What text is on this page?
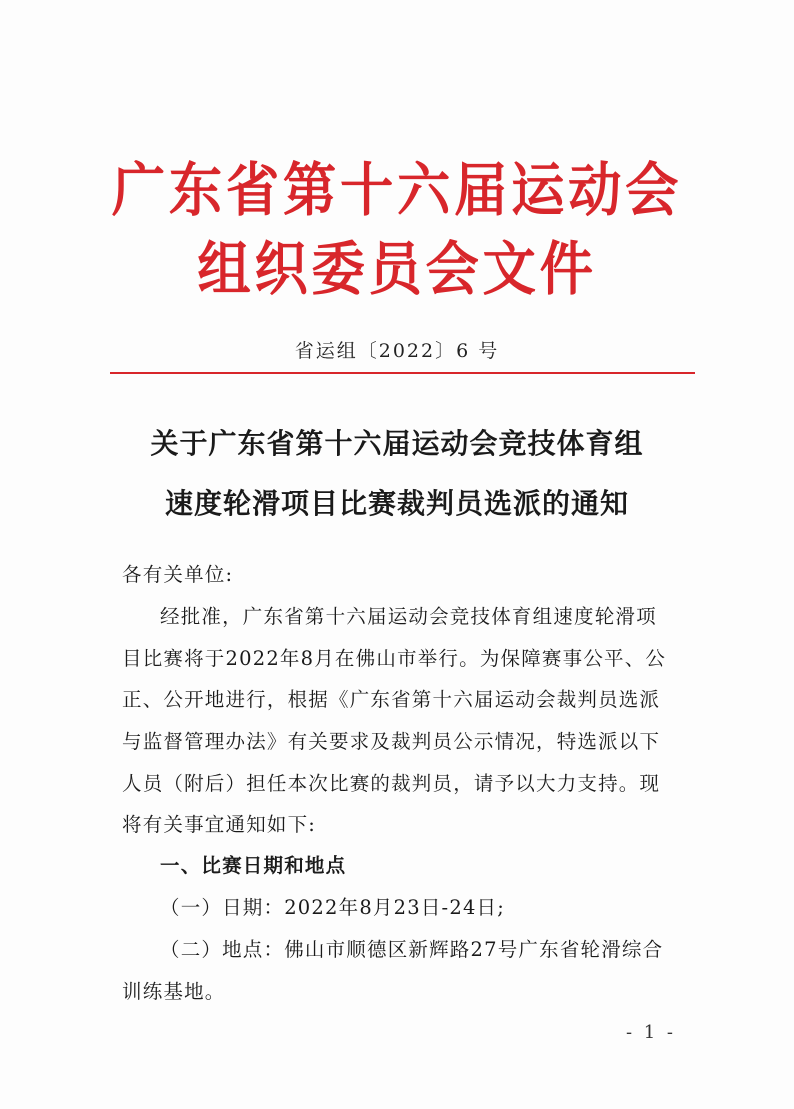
广东省第十六届运动会
组织委员会文件
省运组〔2022〕6 号
关于广东省第十六届运动会竞技体育组
速度轮滑项目比赛裁判员选派的通知
各有关单位:
经批准，广东省第十六届运动会竞技体育组速度轮滑项
目比赛将于2022年8月在佛山市举行。为保障赛事公平、公
正、公开地进行，根据《广东省第十六届运动会裁判员选派
与监督管理办法》有关要求及裁判员公示情况，特选派以下
人员（附后）担任本次比赛的裁判员，请予以大力支持。现
将有关事宜通知如下:
一、比赛日期和地点
（一）日期：2022年8月23日-24日;
（二）地点：佛山市顺德区新辉路27号广东省轮滑综合
训练基地。
- 1 -
